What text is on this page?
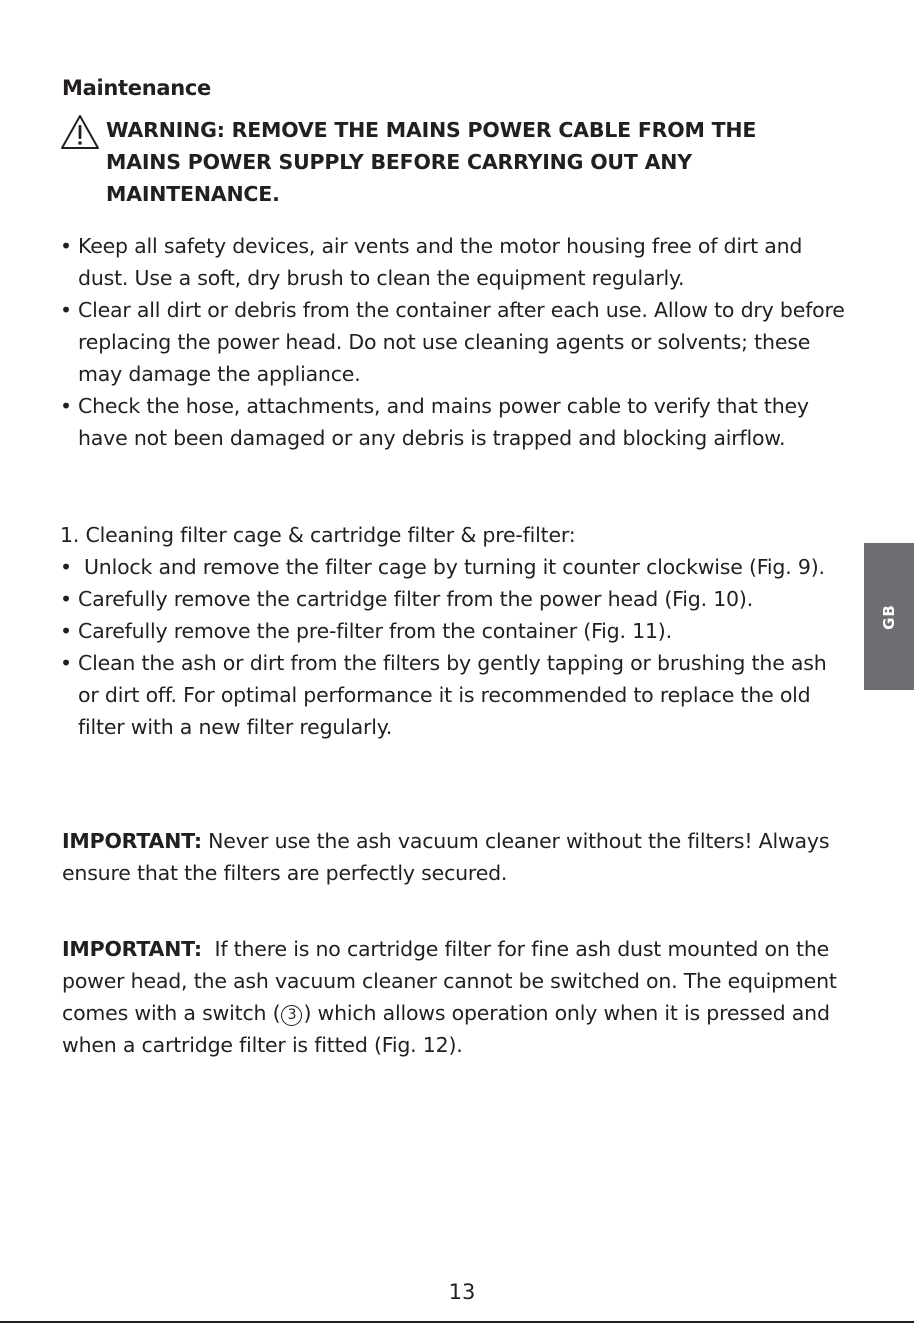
Maintenance
WARNING: REMOVE THE MAINS POWER CABLE FROM THE MAINS POWER SUPPLY BEFORE CARRYING OUT ANY MAINTENANCE.
• Keep all safety devices, air vents and the motor housing free of dirt and dust. Use a soft, dry brush to clean the equipment regularly.
• Clear all dirt or debris from the container after each use. Allow to dry before replacing the power head. Do not use cleaning agents or solvents; these may damage the appliance.
• Check the hose, attachments, and mains power cable to verify that they have not been damaged or any debris is trapped and blocking airflow.
1. Cleaning filter cage & cartridge filter & pre-filter:
• Unlock and remove the filter cage by turning it counter clockwise (Fig. 9).
• Carefully remove the cartridge filter from the power head (Fig. 10).
• Carefully remove the pre-filter from the container (Fig. 11).
• Clean the ash or dirt from the filters by gently tapping or brushing the ash or dirt off. For optimal performance it is recommended to replace the old filter with a new filter regularly.
IMPORTANT: Never use the ash vacuum cleaner without the filters! Always ensure that the filters are perfectly secured.
IMPORTANT: If there is no cartridge filter for fine ash dust mounted on the power head, the ash vacuum cleaner cannot be switched on. The equipment comes with a switch ( 3 ) which allows operation only when it is pressed and when a cartridge filter is fitted (Fig. 12).
GB
13
